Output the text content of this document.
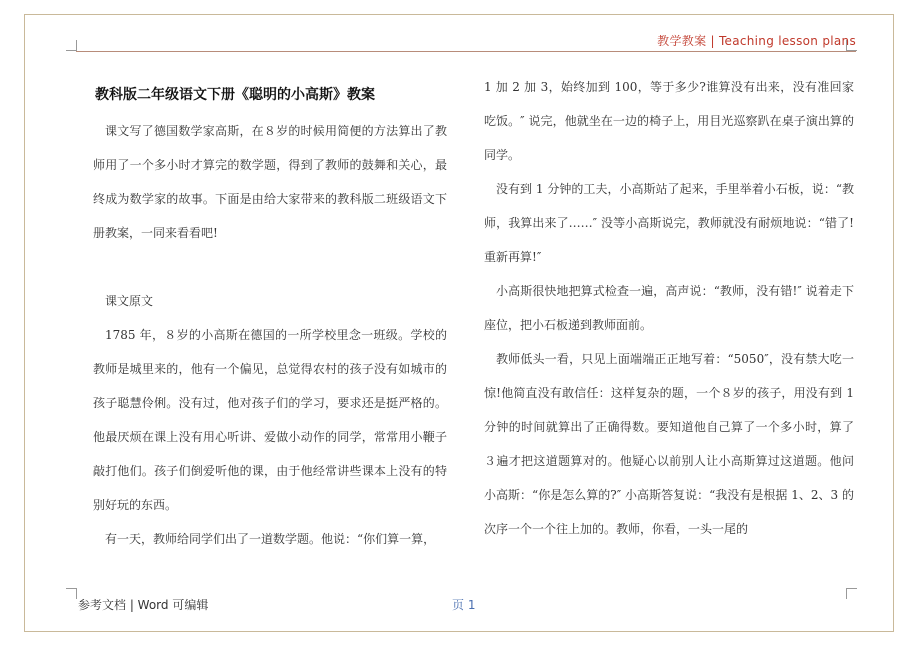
教学教案 | Teaching lesson plans
教科版二年级语文下册《聪明的小高斯》教案

课文写了德国数学家高斯，在８岁的时候用简便的方法算出了教师用了一个多小时才算完的数学题，得到了教师的鼓舞和关心，最终成为数学家的故事。下面是由给大家带来的教科版二班级语文下册教案，一同来看看吧!

课文原文

1785 年，８岁的小高斯在德国的一所学校里念一班级。学校的教师是城里来的，他有一个偏见，总觉得农村的孩子没有如城市的孩子聪慧伶俐。没有过，他对孩子们的学习，要求还是挺严格的。他最厌烦在课上没有用心听讲、爱做小动作的同学，常常用小鞭子敲打他们。孩子们倒爱听他的课，由于他经常讲些课本上没有的特别好玩的东西。

有一天，教师给同学们出了一道数学题。他说：“你们算一算，

1 加 2 加 3，始终加到 100，等于多少?谁算没有出来，没有准回家吃饭。″ 说完，他就坐在一边的椅子上，用目光巡察趴在桌子演出算的同学。

没有到 1 分钟的工夫，小高斯站了起来，手里举着小石板，说：“教师，我算出来了……″ 没等小高斯说完，教师就没有耐烦地说：“错了!重新再算!″

小高斯很快地把算式检查一遍，高声说：“教师，没有错!″ 说着走下座位，把小石板递到教师面前。

教师低头一看，只见上面端端正正地写着：“5050″，没有禁大吃一惊!他简直没有敢信任：这样复杂的题，一个８岁的孩子，用没有到 1 分钟的时间就算出了正确得数。要知道他自己算了一个多小时，算了３遍才把这道题算对的。他疑心以前别人让小高斯算过这道题。他问小高斯：“你是怎么算的?″ 小高斯答复说：“我没有是根据 1、2、3 的次序一个一个往上加的。教师，你看，一头一尾的

参考文档 | Word 可编辑	页 1
